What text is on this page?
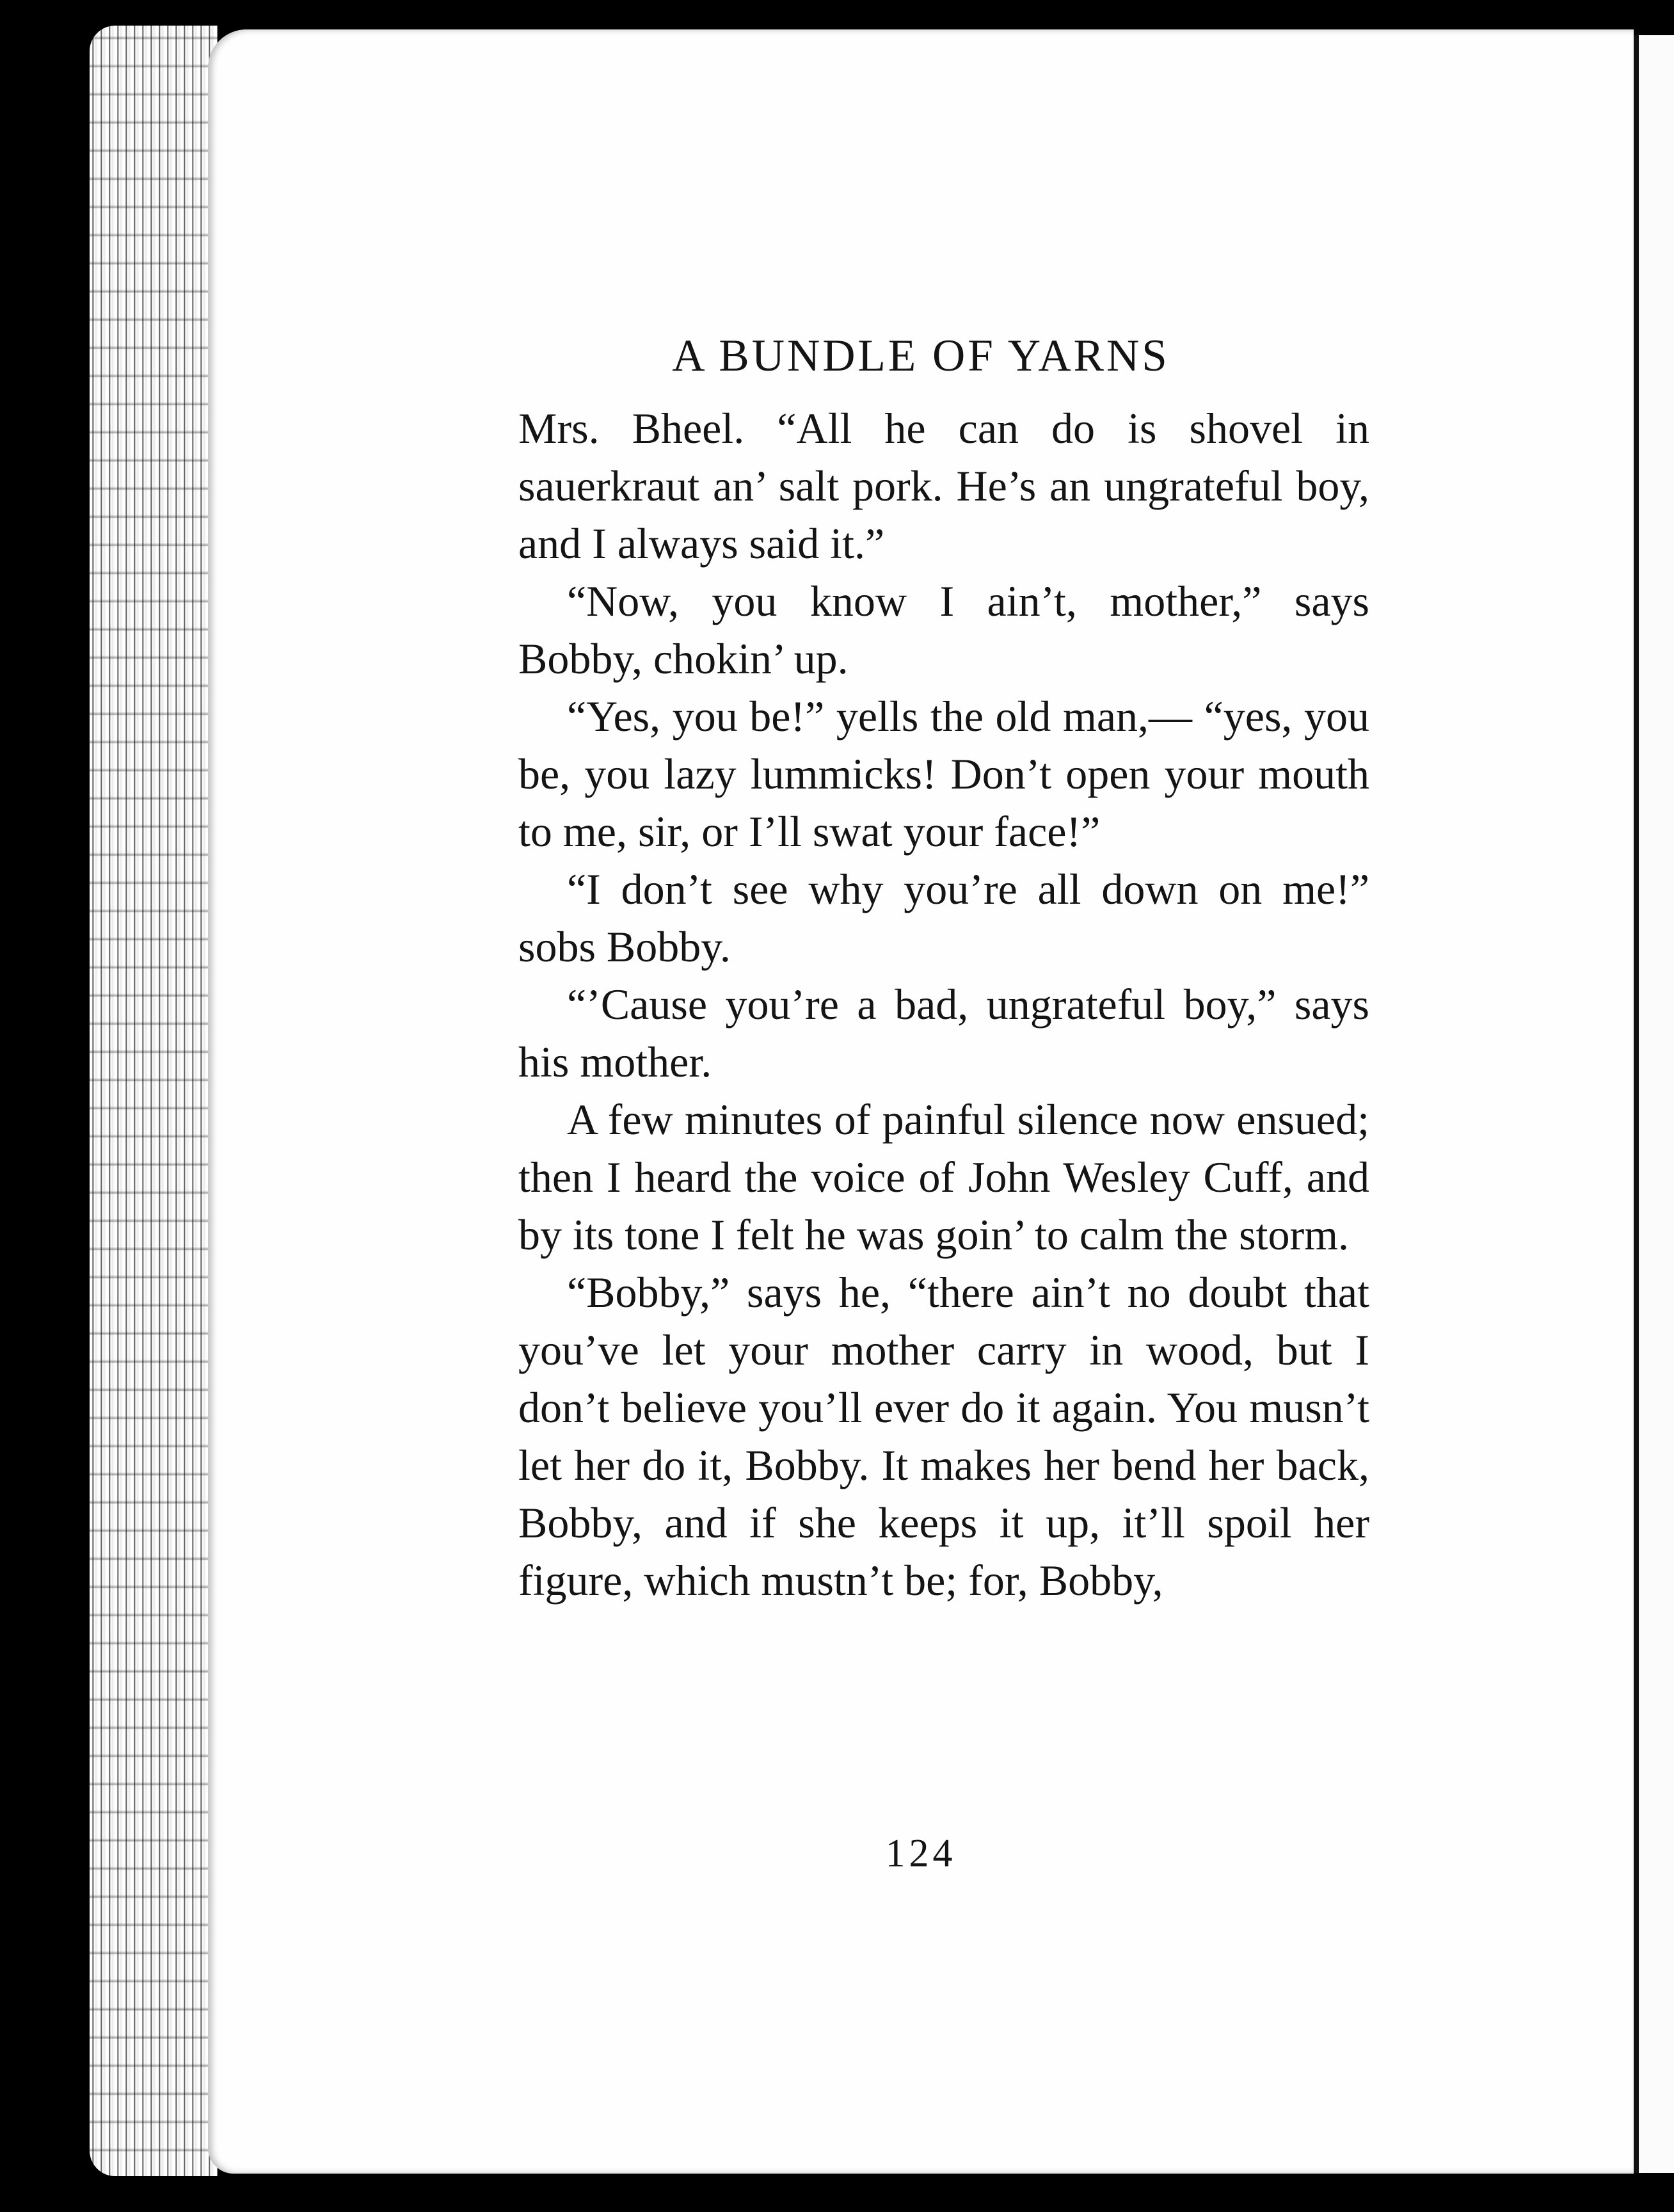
A BUNDLE OF YARNS

Mrs. Bheel. “All he can do is shovel in sauerkraut an’ salt pork. He’s an ungrateful boy, and I always said it.”

“Now, you know I ain’t, mother,” says Bobby, chokin’ up.

“Yes, you be!” yells the old man,— “yes, you be, you lazy lummicks! Don’t open your mouth to me, sir, or I’ll swat your face!”

“I don’t see why you’re all down on me!” sobs Bobby.

“’Cause you’re a bad, ungrateful boy,” says his mother.

A few minutes of painful silence now ensued; then I heard the voice of John Wesley Cuff, and by its tone I felt he was goin’ to calm the storm.

“Bobby,” says he, “there ain’t no doubt that you’ve let your mother carry in wood, but I don’t believe you’ll ever do it again. You musn’t let her do it, Bobby. It makes her bend her back, Bobby, and if she keeps it up, it’ll spoil her figure, which mustn’t be; for, Bobby,

124
